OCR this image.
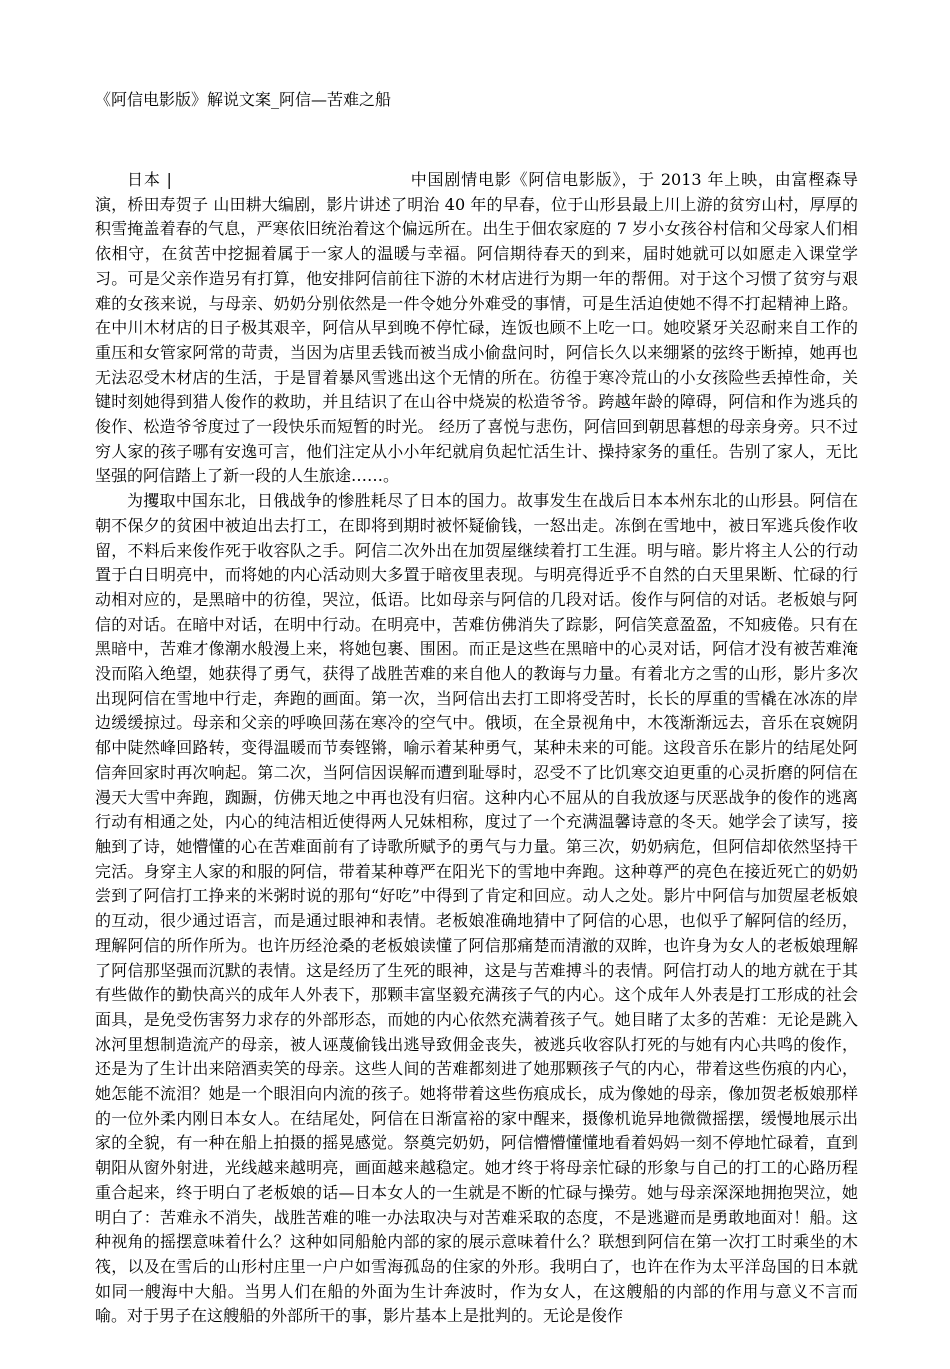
《阿信电影版》解说文案_阿信—苦难之船

日本 |	中国剧情电影《阿信电影版》，于 2013 年上映，由富樫森导演，桥田寿贺子 山田耕大编剧，影片讲述了明治 40 年的早春，位于山形县最上川上游的贫穷山村，厚厚的积雪掩盖着春的气息，严寒依旧统治着这个偏远所在。出生于佃农家庭的 7 岁小女孩谷村信和父母家人们相依相守，在贫苦中挖掘着属于一家人的温暖与幸福。阿信期待春天的到来，届时她就可以如愿走入课堂学习。可是父亲作造另有打算，他安排阿信前往下游的木材店进行为期一年的帮佣。对于这个习惯了贫穷与艰难的女孩来说，与母亲、奶奶分别依然是一件令她分外难受的事情，可是生活迫使她不得不打起精神上路。 在中川木材店的日子极其艰辛，阿信从早到晚不停忙碌，连饭也顾不上吃一口。她咬紧牙关忍耐来自工作的重压和女管家阿常的苛责，当因为店里丢钱而被当成小偷盘问时，阿信长久以来绷紧的弦终于断掉，她再也无法忍受木材店的生活，于是冒着暴风雪逃出这个无情的所在。彷徨于寒冷荒山的小女孩险些丢掉性命，关键时刻她得到猎人俊作的救助，并且结识了在山谷中烧炭的松造爷爷。跨越年龄的障碍，阿信和作为逃兵的俊作、松造爷爷度过了一段快乐而短暂的时光。 经历了喜悦与悲伤，阿信回到朝思暮想的母亲身旁。只不过穷人家的孩子哪有安逸可言，他们注定从小小年纪就肩负起忙活生计、操持家务的重任。告别了家人，无比坚强的阿信踏上了新一段的人生旅途……。

为攫取中国东北，日俄战争的惨胜耗尽了日本的国力。故事发生在战后日本本州东北的山形县。阿信在朝不保夕的贫困中被迫出去打工，在即将到期时被怀疑偷钱，一怒出走。冻倒在雪地中，被日军逃兵俊作收留，不料后来俊作死于收容队之手。阿信二次外出在加贺屋继续着打工生涯。明与暗。影片将主人公的行动置于白日明亮中，而将她的内心活动则大多置于暗夜里表现。与明亮得近乎不自然的白天里果断、忙碌的行动相对应的，是黑暗中的彷徨，哭泣，低语。比如母亲与阿信的几段对话。俊作与阿信的对话。老板娘与阿信的对话。在暗中对话，在明中行动。在明亮中，苦难仿佛消失了踪影，阿信笑意盈盈，不知疲倦。只有在黑暗中，苦难才像潮水般漫上来，将她包裹、围困。而正是这些在黑暗中的心灵对话，阿信才没有被苦难淹没而陷入绝望，她获得了勇气，获得了战胜苦难的来自他人的教诲与力量。有着北方之雪的山形，影片多次出现阿信在雪地中行走，奔跑的画面。第一次，当阿信出去打工即将受苦时，长长的厚重的雪橇在冰冻的岸边缓缓掠过。母亲和父亲的呼唤回荡在寒冷的空气中。俄顷，在全景视角中，木筏渐渐远去，音乐在哀婉阴郁中陡然峰回路转，变得温暖而节奏铿锵，喻示着某种勇气，某种未来的可能。这段音乐在影片的结尾处阿信奔回家时再次响起。第二次，当阿信因误解而遭到耻辱时，忍受不了比饥寒交迫更重的心灵折磨的阿信在漫天大雪中奔跑，踟蹰，仿佛天地之中再也没有归宿。这种内心不屈从的自我放逐与厌恶战争的俊作的逃离行动有相通之处，内心的纯洁相近使得两人兄妹相称，度过了一个充满温馨诗意的冬天。她学会了读写，接触到了诗，她懵懂的心在苦难面前有了诗歌所赋予的勇气与力量。第三次，奶奶病危，但阿信却依然坚持干完活。身穿主人家的和服的阿信，带着某种尊严在阳光下的雪地中奔跑。这种尊严的亮色在接近死亡的奶奶尝到了阿信打工挣来的米粥时说的那句“好吃”中得到了肯定和回应。动人之处。影片中阿信与加贺屋老板娘的互动，很少通过语言，而是通过眼神和表情。老板娘准确地猜中了阿信的心思，也似乎了解阿信的经历，理解阿信的所作所为。也许历经沧桑的老板娘读懂了阿信那痛楚而清澈的双眸，也许身为女人的老板娘理解了阿信那坚强而沉默的表情。这是经历了生死的眼神，这是与苦难搏斗的表情。阿信打动人的地方就在于其有些做作的勤快高兴的成年人外表下，那颗丰富坚毅充满孩子气的内心。这个成年人外表是打工形成的社会面具，是免受伤害努力求存的外部形态，而她的内心依然充满着孩子气。她目睹了太多的苦难：无论是跳入冰河里想制造流产的母亲，被人诬蔑偷钱出逃导致佣金丧失，被逃兵收容队打死的与她有内心共鸣的俊作，还是为了生计出来陪酒卖笑的母亲。这些人间的苦难都刻进了她那颗孩子气的内心，带着这些伤痕的内心，她怎能不流泪？她是一个眼泪向内流的孩子。她将带着这些伤痕成长，成为像她的母亲，像加贺老板娘那样的一位外柔内刚日本女人。在结尾处，阿信在日渐富裕的家中醒来，摄像机诡异地微微摇摆，缓慢地展示出家的全貌，有一种在船上拍摄的摇晃感觉。祭奠完奶奶，阿信懵懵懂懂地看着妈妈一刻不停地忙碌着，直到朝阳从窗外射进，光线越来越明亮，画面越来越稳定。她才终于将母亲忙碌的形象与自己的打工的心路历程重合起来，终于明白了老板娘的话—日本女人的一生就是不断的忙碌与操劳。她与母亲深深地拥抱哭泣，她明白了：苦难永不消失，战胜苦难的唯一办法取决与对苦难采取的态度，不是逃避而是勇敢地面对！船。这种视角的摇摆意味着什么？这种如同船舱内部的家的展示意味着什么？联想到阿信在第一次打工时乘坐的木筏，以及在雪后的山形村庄里一户户如雪海孤岛的住家的外形。我明白了，也许在作为太平洋岛国的日本就如同一艘海中大船。当男人们在船的外面为生计奔波时，作为女人，在这艘船的内部的作用与意义不言而喻。对于男子在这艘船的外部所干的事，影片基本上是批判的。无论是俊作
